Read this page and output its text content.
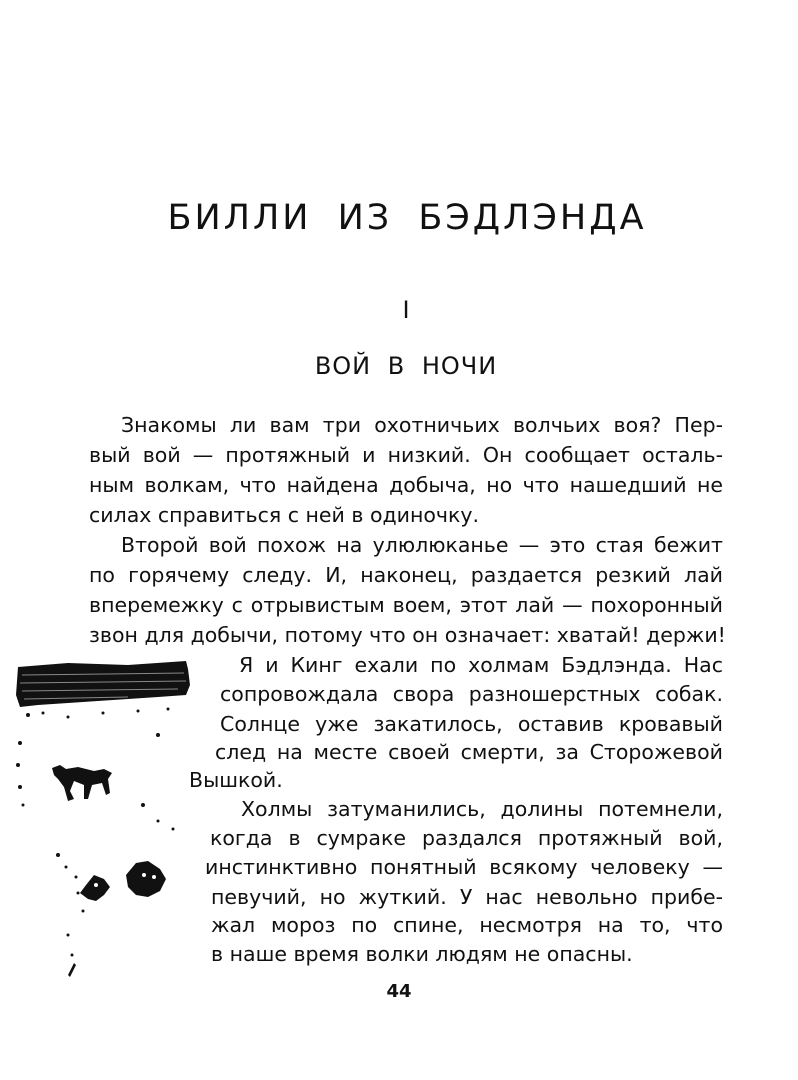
БИЛЛИ ИЗ БЭДЛЭНДА
I
ВОЙ В НОЧИ
Знакомы ли вам три охотничьих волчьих воя? Пер-
вый вой — протяжный и низкий. Он сообщает осталь-
ным волкам, что найдена добыча, но что нашедший не
силах справиться с ней в одиночку.
Второй вой похож на улюлюканье — это стая бежит
по горячему следу. И, наконец, раздается резкий лай
вперемежку с отрывистым воем, этот лай — похоронный
звон для добычи, потому что он означает: хватай! держи!
Я и Кинг ехали по холмам Бэдлэнда. Нас
сопровождала свора разношерстных собак.
Солнце уже закатилось, оставив кровавый
след на месте своей смерти, за Сторожевой
Вышкой.
Холмы затуманились, долины потемнели,
когда в сумраке раздался протяжный вой,
инстинктивно понятный всякому человеку —
певучий, но жуткий. У нас невольно прибе-
жал мороз по спине, несмотря на то, что
в наше время волки людям не опасны.
44
